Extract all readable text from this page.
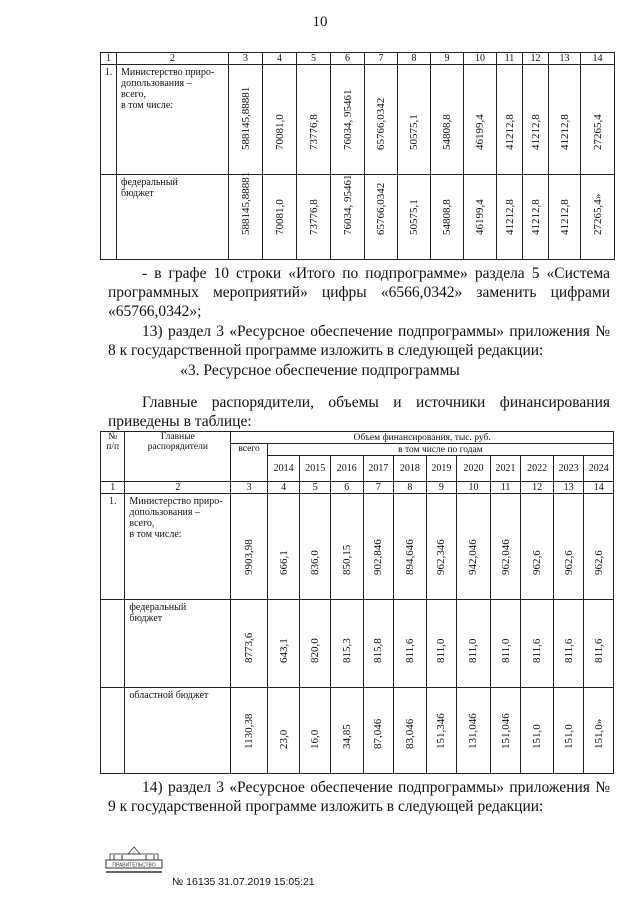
10
1	2	3	4	5	6	7	8	9	10	11	12	13	14
1.	Министерство приро-
допользования –
всего,
в том числе:	588145,88881	70081,0	73776,8	76034, 95461	65766,0342	50575,1	54808,8	46199,4	41212,8	41212,8	41212,8	27265,4

	федеральный
бюджет	588145,88881	70081,0	73776,8	76034, 95461	65766,0342	50575,1	54808,8	46199,4	41212,8	41212,8	41212,8	27265,4»
- в графе 10 строки «Итого по подпрограмме» раздела 5 «Система программных мероприятий» цифры «6566,0342» заменить цифрами «65766,0342»;
13) раздел 3 «Ресурсное обеспечение подпрограммы» приложения № 8 к государственной программе изложить в следующей редакции:
«3. Ресурсное обеспечение подпрограммы
Главные распорядители, объемы и источники финансирования приведены в таблице:
№
п/п	Главные
распорядители	Объем финансирования, тыс. руб.											
		всего	в том числе по годам										
			2014	2015	2016	2017	2018	2019	2020	2021	2022	2023	2024
1	2	3	4	5	6	7	8	9	10	11	12	13	14
1.	Министерство приро-
допользования –
всего,
в том числе:	9903,98	666,1	836,0	850,15	902,846	894,646	962,346	942,046	962,046	962,6	962,6	962,6

	федеральный
бюджет	8773,6	643,1	820,0	815,3	815,8	811,6	811,0	811,0	811,0	811,6	811,6	811,6

	областной бюджет	1130,38	23,0	16,0	34,85	87,046	83,046	151,346	131,046	151,046	151,0	151,0	151,0»
14) раздел 3 «Ресурсное обеспечение подпрограммы» приложения № 9 к государственной программе изложить в следующей редакции:
ПРАВИТЕЛЬСТВО
№ 16135 31.07.2019 15:05:21
